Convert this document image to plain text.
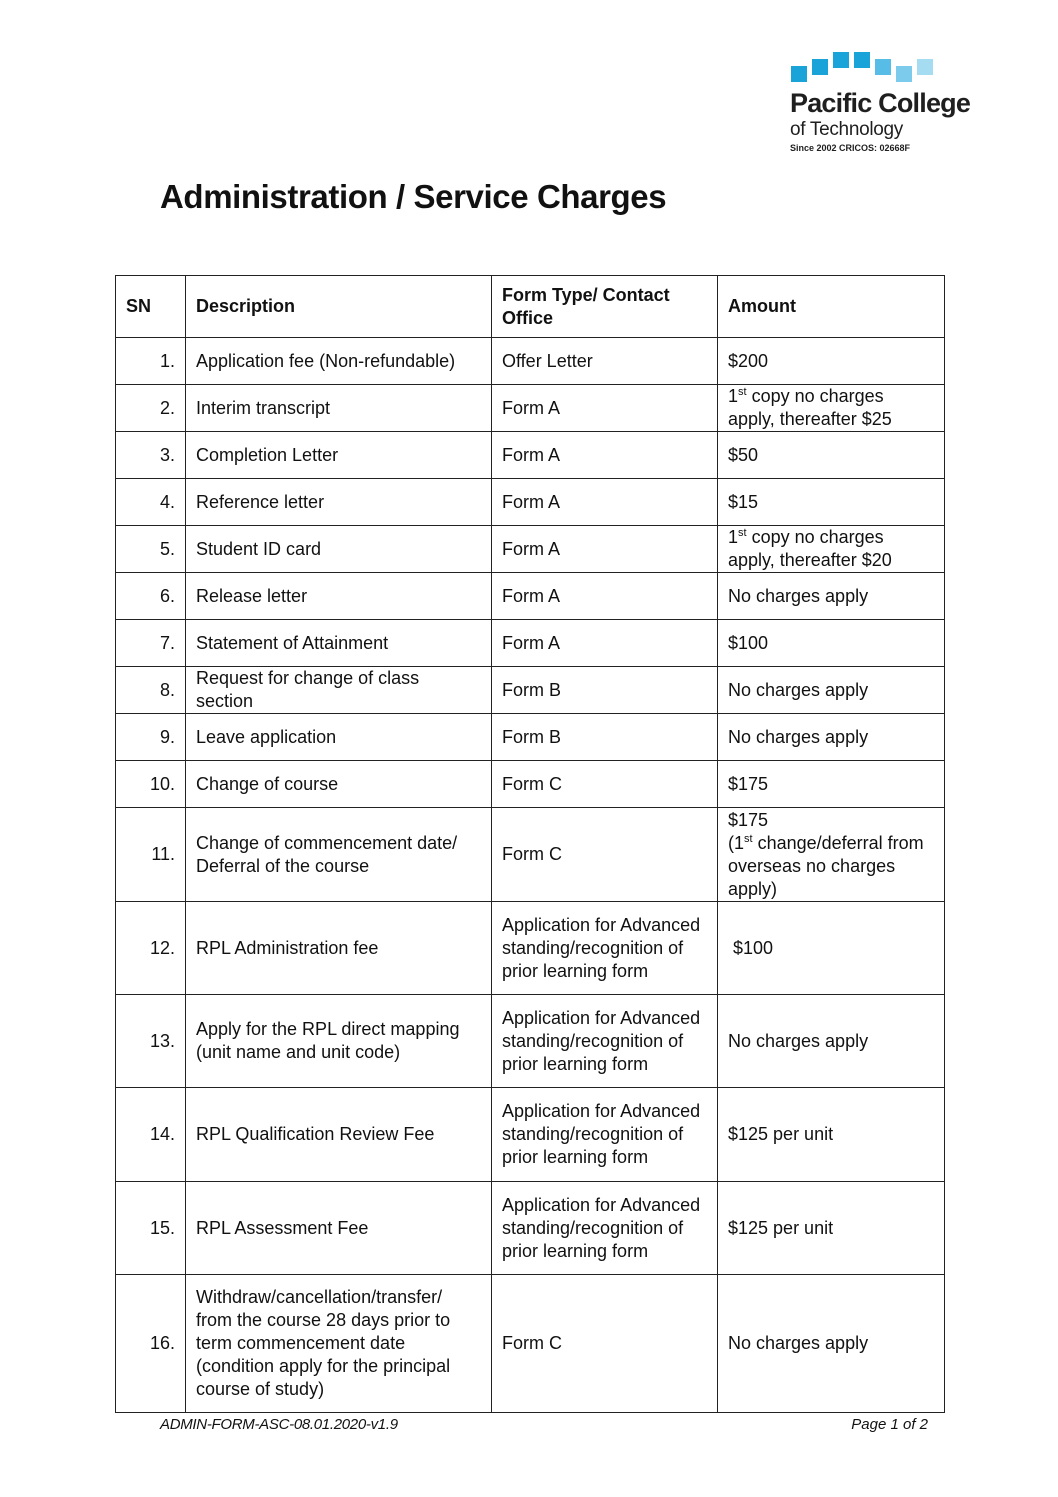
Pacific College
of Technology
Since 2002 CRICOS: 02668F
Administration / Service Charges
SN	Description	Form Type/ Contact Office	Amount
1.	Application fee (Non-refundable)	Offer Letter	$200
2.	Interim transcript	Form A	1st copy no charges apply, thereafter $25
3.	Completion Letter	Form A	$50
4.	Reference letter	Form A	$15
5.	Student ID card	Form A	1st copy no charges apply, thereafter $20
6.	Release letter	Form A	No charges apply
7.	Statement of Attainment	Form A	$100
8.	Request for change of class section	Form B	No charges apply
9.	Leave application	Form B	No charges apply
10.	Change of course	Form C	$175
11.	Change of commencement date/ Deferral of the course	Form C	$175
(1st change/deferral from overseas no charges apply)
12.	RPL Administration fee	Application for Advanced standing/recognition of prior learning form	$100
13.	Apply for the RPL direct mapping (unit name and unit code)	Application for Advanced standing/recognition of prior learning form	No charges apply
14.	RPL Qualification Review Fee	Application for Advanced standing/recognition of prior learning form	$125 per unit
15.	RPL Assessment Fee	Application for Advanced standing/recognition of prior learning form	$125 per unit
16.	Withdraw/cancellation/transfer/ from the course 28 days prior to term commencement date (condition apply for the principal course of study)	Form C	No charges apply
ADMIN-FORM-ASC-08.01.2020-v1.9	Page 1 of 2
